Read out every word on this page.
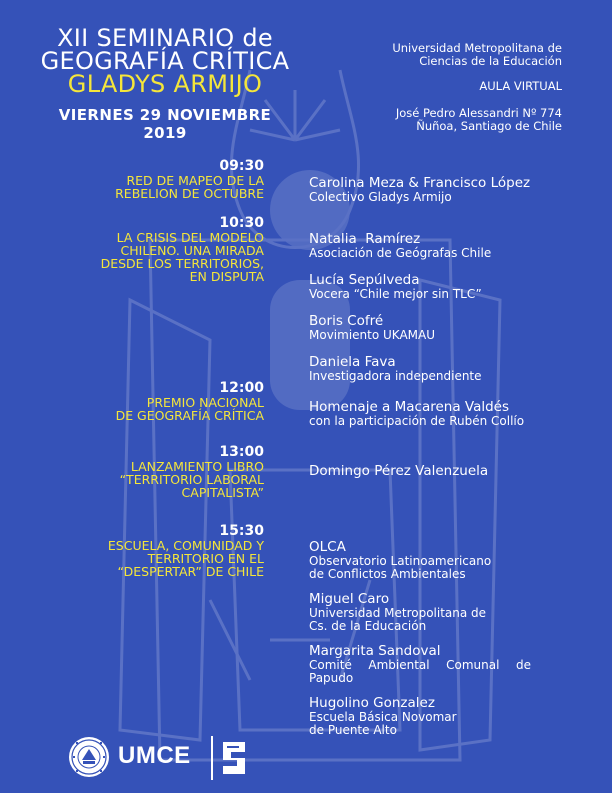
XII SEMINARIO de
GEOGRAFÍA CRÍTICA
GLADYS ARMIJO
VIERNES 29 NOVIEMBRE 2019
Universidad Metropolitana de
Ciencias de la Educación
AULA VIRTUAL
José Pedro Alessandri Nº 774
Ñuñoa, Santiago de Chile
09:30
RED DE MAPEO DE LA
REBELION DE OCTUBRE
Carolina Meza & Francisco López
Colectivo Gladys Armijo
10:30
LA CRISIS DEL MODELO
CHILENO. UNA MIRADA
DESDE LOS TERRITORIOS,
EN DISPUTA
Natalia  Ramírez
Asociación de Geógrafas Chile
Lucía Sepúlveda
Vocera “Chile mejor sin TLC”
Boris Cofré
Movimiento UKAMAU
Daniela Fava
Investigadora independiente
12:00
PREMIO NACIONAL
DE GEOGRAFÍA CRÍTICA
Homenaje a Macarena Valdés
con la participación de Rubén Collío
13:00
LANZAMIENTO LIBRO
“TERRITORIO LABORAL
CAPITALISTA”
Domingo Pérez Valenzuela
15:30
ESCUELA, COMUNIDAD Y
TERRITORIO EN EL
“DESPERTAR” DE CHILE
OLCA
Observatorio Latinoamericano
de Conflictos Ambientales
Miguel Caro
Universidad Metropolitana de
Cs. de la Educación
Margarita Sandoval
Comité Ambiental Comunal de
Papudo
Hugolino Gonzalez
Escuela Básica Novomar
de Puente Alto
UMCE
